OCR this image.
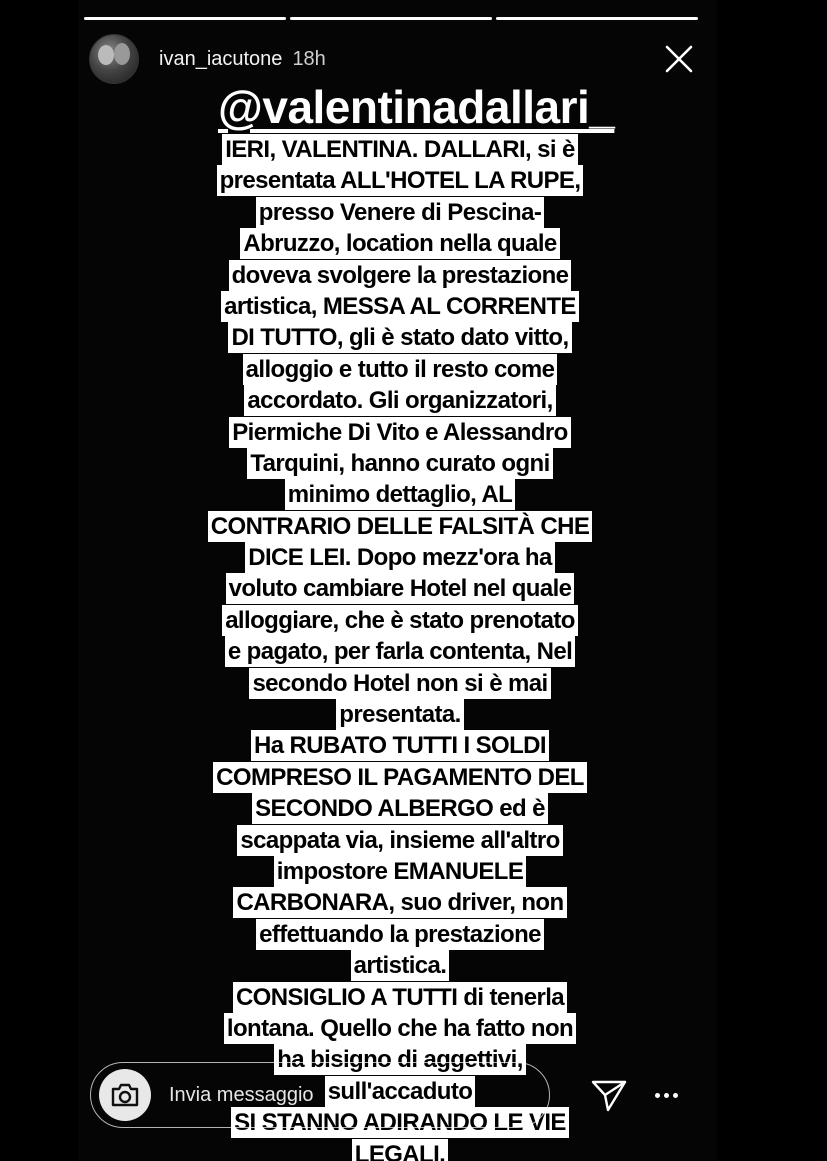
ivan_iacutone 18h
@valentinadallari_
IERI, VALENTINA. DALLARI, si è
presentata ALL'HOTEL LA RUPE,
presso Venere di Pescina-
Abruzzo, location nella quale
doveva svolgere la prestazione
artistica, MESSA AL CORRENTE
DI TUTTO, gli è stato dato vitto,
alloggio e tutto il resto come
accordato. Gli organizzatori,
Piermiche Di Vito e Alessandro
Tarquini, hanno curato ogni
minimo dettaglio, AL
CONTRARIO DELLE FALSITÀ CHE
DICE LEI. Dopo mezz'ora ha
voluto cambiare Hotel nel quale
alloggiare, che è stato prenotato
e pagato, per farla contenta, Nel
secondo Hotel non si è mai
presentata.
Ha RUBATO TUTTI I SOLDI
COMPRESO IL PAGAMENTO DEL
SECONDO ALBERGO ed è
scappata via, insieme all'altro
impostore EMANUELE
CARBONARA, suo driver, non
effettuando la prestazione
artistica.
CONSIGLIO A TUTTI di tenerla
lontana. Quello che ha fatto non
ha bisigno di aggettivi,
sull'accaduto
SI STANNO ADIRANDO LE VIE
LEGALI.
Invia messaggio
